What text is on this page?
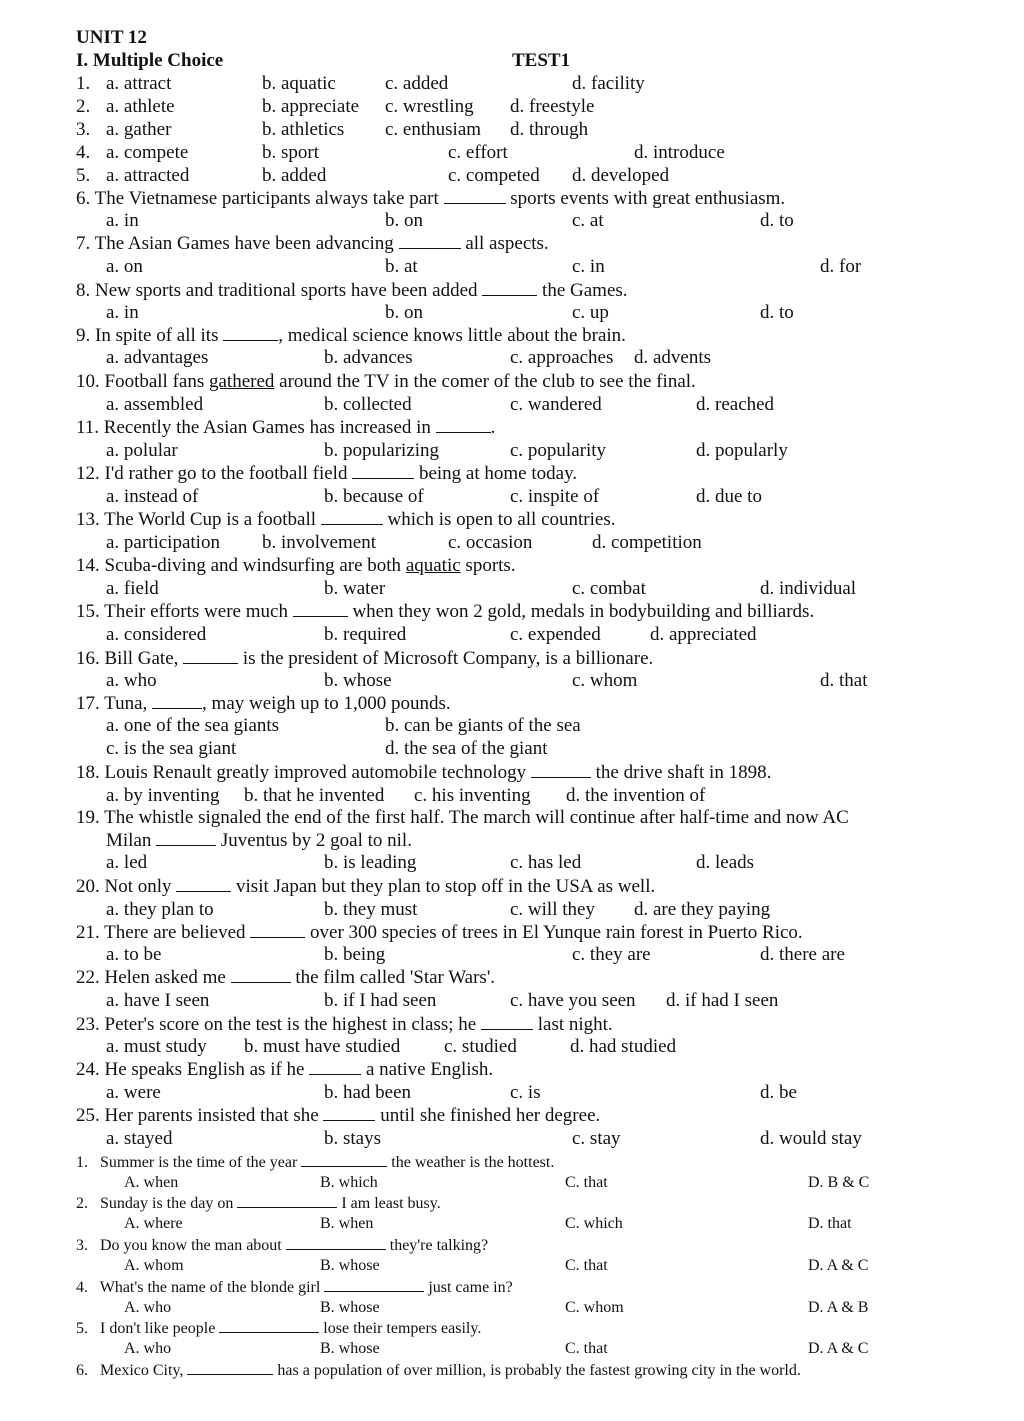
UNIT 12
I. Multiple Choice	TEST1
1. a. attract	b. aquatic	c. added	d. facility
2. a. athlete	b. appreciate c. wrestling d. freestyle
3. a. gather	b. athletics c. enthusiam d. through
4. a. compete	b. sport	c. effort	d. introduce
5. a. attracted	b. added	c. competed d. developed
6. The Vietnamese participants always take part	sports events with great enthusiasm.
a. in	b. on	c. at	d. to
7. The Asian Games have been advancing	all aspects.
a. on	b. at	c. in	d. for
8. New sports and traditional sports have been added	the Games.
a. in	b. on	c. up	d. to
9. In spite of all its	, medical science knows little about the brain.
a. advantages	b. advances	c. approaches d. advents
10. Football fans gathered around the TV in the comer of the club to see the final.
a. assembled	b. collected	c. wandered	d. reached
11. Recently the Asian Games has increased in	.
a. polular	b. popularizing	c. popularity	d. popularly
12. I'd rather go to the football field	being at home today.
a. instead of	b. because of	c. inspite of	d. due to
13. The World Cup is a football	which is open to all countries.
a. participation b. involvement	c. occasion	d. competition
14. Scuba-diving and windsurfing are both aquatic sports.
a. field	b. water	c. combat	d. individual
15. Their efforts were much	when they won 2 gold, medals in bodybuilding and billiards.
a. considered	b. required	c. expended	d. appreciated
16. Bill Gate,	is the president of Microsoft Company, is a billionare.
a. who	b. whose	c. whom	d. that
17. Tuna,	, may weigh up to 1,000 pounds.
a. one of the sea giants	b. can be giants of the sea
c. is the sea giant	d. the sea of the giant
18. Louis Renault greatly improved automobile technology	the drive shaft in 1898.
a. by inventing b. that he invented c. his inventing d. the invention of
19. The whistle signaled the end of the first half. The march will continue after half-time and now AC
Milan	Juventus by 2 goal to nil.
a. led	b. is leading	c. has led	d. leads
20. Not only	visit Japan but they plan to stop off in the USA as well.
a. they plan to	b. they must	c. will they d. are they paying
21. There are believed	over 300 species of trees in El Yunque rain forest in Puerto Rico.
a. to be	b. being	c. they are	d. there are
22. Helen asked me	the film called 'Star Wars'.
a. have I seen	b. if I had seen	c. have you seen d. if had I seen
23. Peter's score on the test is the highest in class; he	last night.
a. must study b. must have studied c. studied	d. had studied
24. He speaks English as if he	a native English.
a. were	b. had been	c. is	d. be
25. Her parents insisted that she	until she finished her degree.
a. stayed	b. stays	c. stay	d. would stay
1. Summer is the time of the year	the weather is the hottest.
A. when	B. which	C. that	D. B & C
2. Sunday is the day on	I am least busy.
A. where	B. when	C. which	D. that
3. Do you know the man about	they're talking?
A. whom	B. whose	C. that	D. A & C
4. What's the name of the blonde girl	just came in?
A. who	B. whose	C. whom	D. A & B
5. I don't like people	lose their tempers easily.
A. who	B. whose	C. that	D. A & C
6. Mexico City,	has a population of over million, is probably the fastest growing city in the world.
